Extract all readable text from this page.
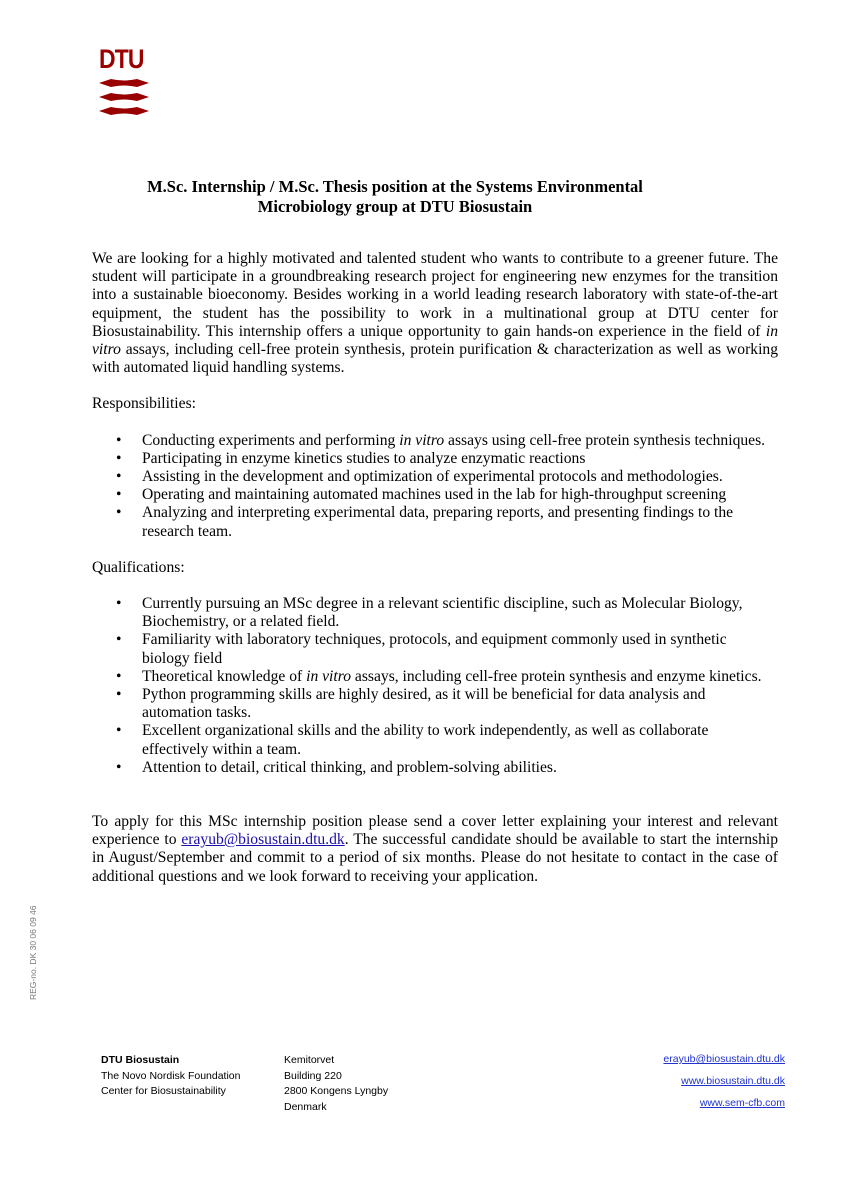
DTU
M.Sc. Internship / M.Sc. Thesis position at the Systems Environmental
Microbiology group at DTU Biosustain

We are looking for a highly motivated and talented student who wants to contribute to a greener future. The student will participate in a groundbreaking research project for engineering new enzymes for the transition into a sustainable bioeconomy. Besides working in a world leading research laboratory with state-of-the-art equipment, the student has the possibility to work in a multinational group at DTU center for Biosustainability. This internship offers a unique opportunity to gain hands-on experience in the field of in vitro assays, including cell-free protein synthesis, protein purification & characterization as well as working with automated liquid handling systems.

Responsibilities:

• Conducting experiments and performing in vitro assays using cell-free protein synthesis techniques.
• Participating in enzyme kinetics studies to analyze enzymatic reactions
• Assisting in the development and optimization of experimental protocols and methodologies.
• Operating and maintaining automated machines used in the lab for high-throughput screening
• Analyzing and interpreting experimental data, preparing reports, and presenting findings to the research team.

Qualifications:

• Currently pursuing an MSc degree in a relevant scientific discipline, such as Molecular Biology, Biochemistry, or a related field.
• Familiarity with laboratory techniques, protocols, and equipment commonly used in synthetic biology field
• Theoretical knowledge of in vitro assays, including cell-free protein synthesis and enzyme kinetics.
• Python programming skills are highly desired, as it will be beneficial for data analysis and automation tasks.
• Excellent organizational skills and the ability to work independently, as well as collaborate effectively within a team.
• Attention to detail, critical thinking, and problem-solving abilities.

To apply for this MSc internship position please send a cover letter explaining your interest and relevant experience to erayub@biosustain.dtu.dk. The successful candidate should be available to start the internship in August/September and commit to a period of six months. Please do not hesitate to contact in the case of additional questions and we look forward to receiving your application.

REG-no. DK 30 06 09 46
DTU Biosustain
The Novo Nordisk Foundation
Center for Biosustainability
Kemitorvet
Building 220
2800 Kongens Lyngby
Denmark
erayub@biosustain.dtu.dk
www.biosustain.dtu.dk
www.sem-cfb.com
